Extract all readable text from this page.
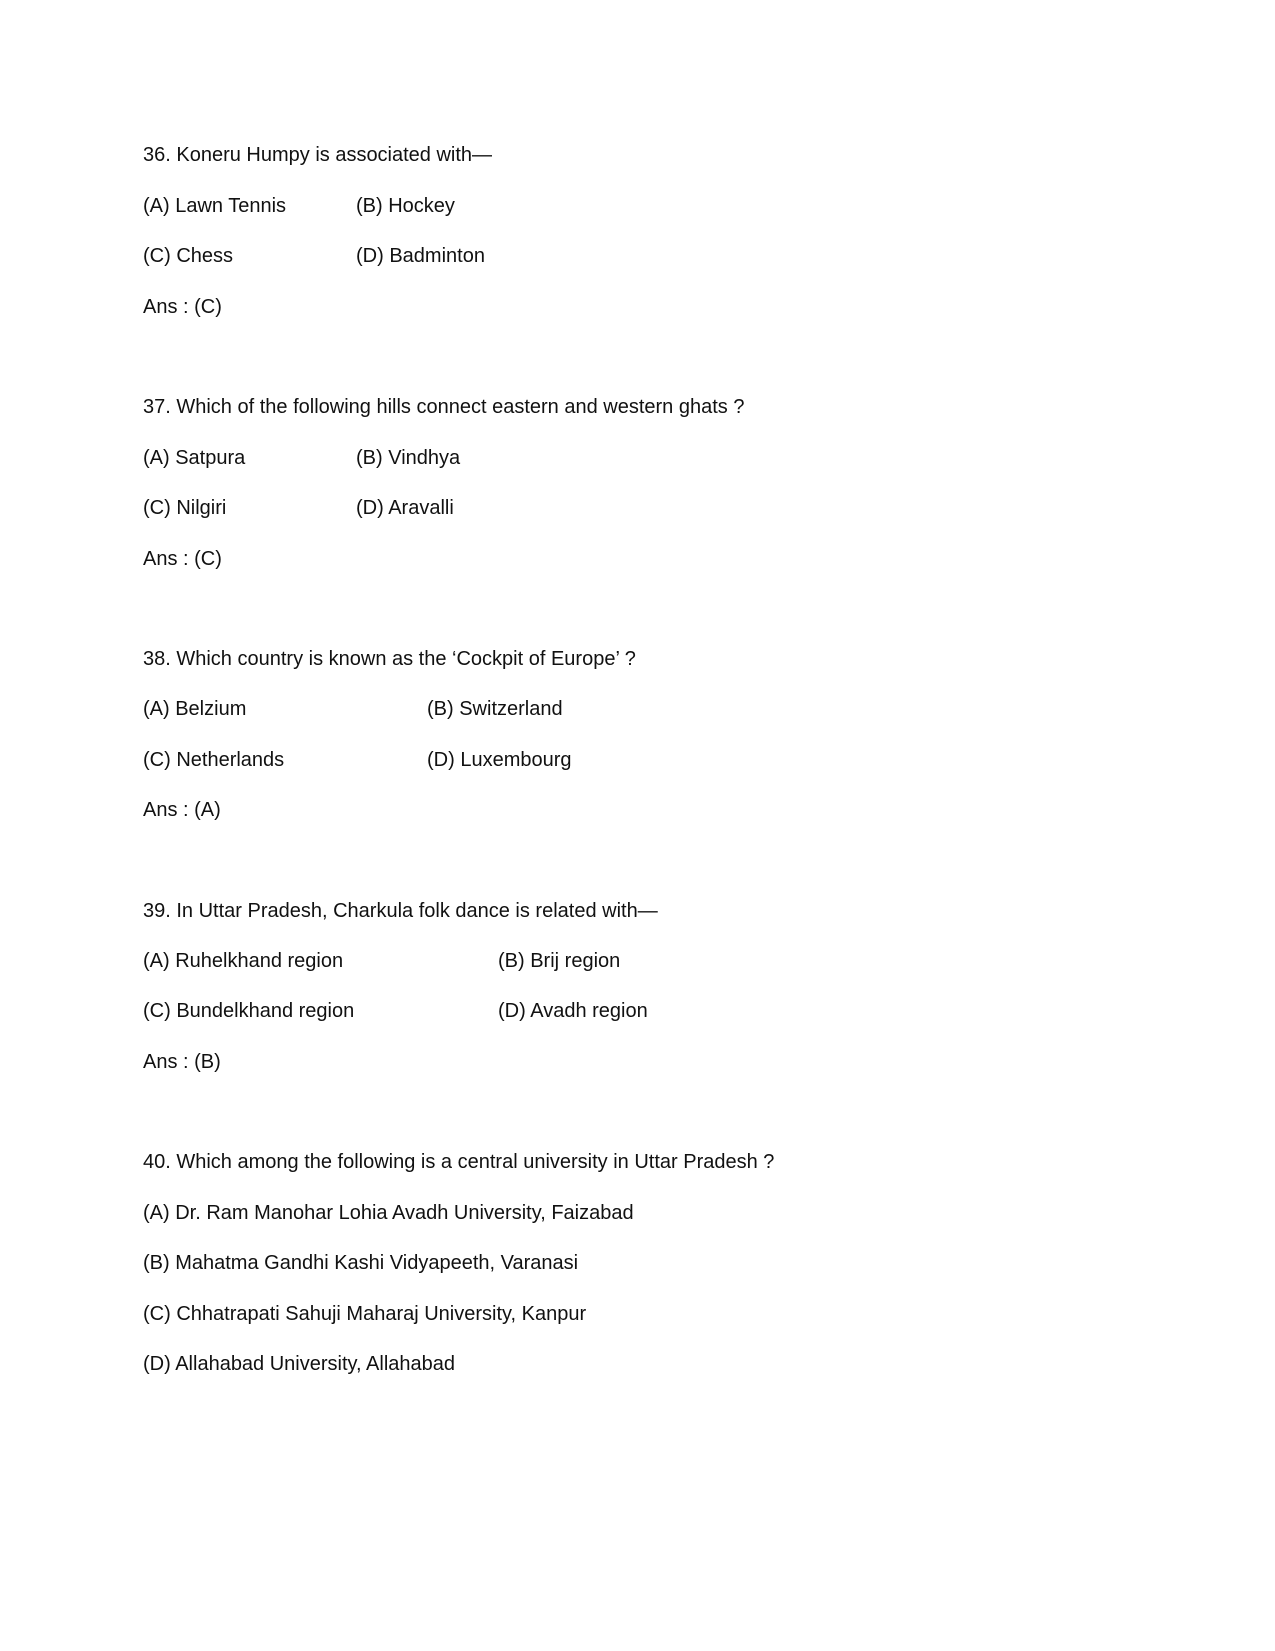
36. Koneru Humpy is associated with—
(A) Lawn Tennis	(B) Hockey
(C) Chess	(D) Badminton
Ans : (C)
37. Which of the following hills connect eastern and western ghats ?
(A) Satpura	(B) Vindhya
(C) Nilgiri	(D) Aravalli
Ans : (C)
38. Which country is known as the ‘Cockpit of Europe’ ?
(A) Belzium	(B) Switzerland
(C) Netherlands	(D) Luxembourg
Ans : (A)
39. In Uttar Pradesh, Charkula folk dance is related with—
(A) Ruhelkhand region	(B) Brij region
(C) Bundelkhand region	(D) Avadh region
Ans : (B)
40. Which among the following is a central university in Uttar Pradesh ?
(A) Dr. Ram Manohar Lohia Avadh University, Faizabad
(B) Mahatma Gandhi Kashi Vidyapeeth, Varanasi
(C) Chhatrapati Sahuji Maharaj University, Kanpur
(D) Allahabad University, Allahabad
